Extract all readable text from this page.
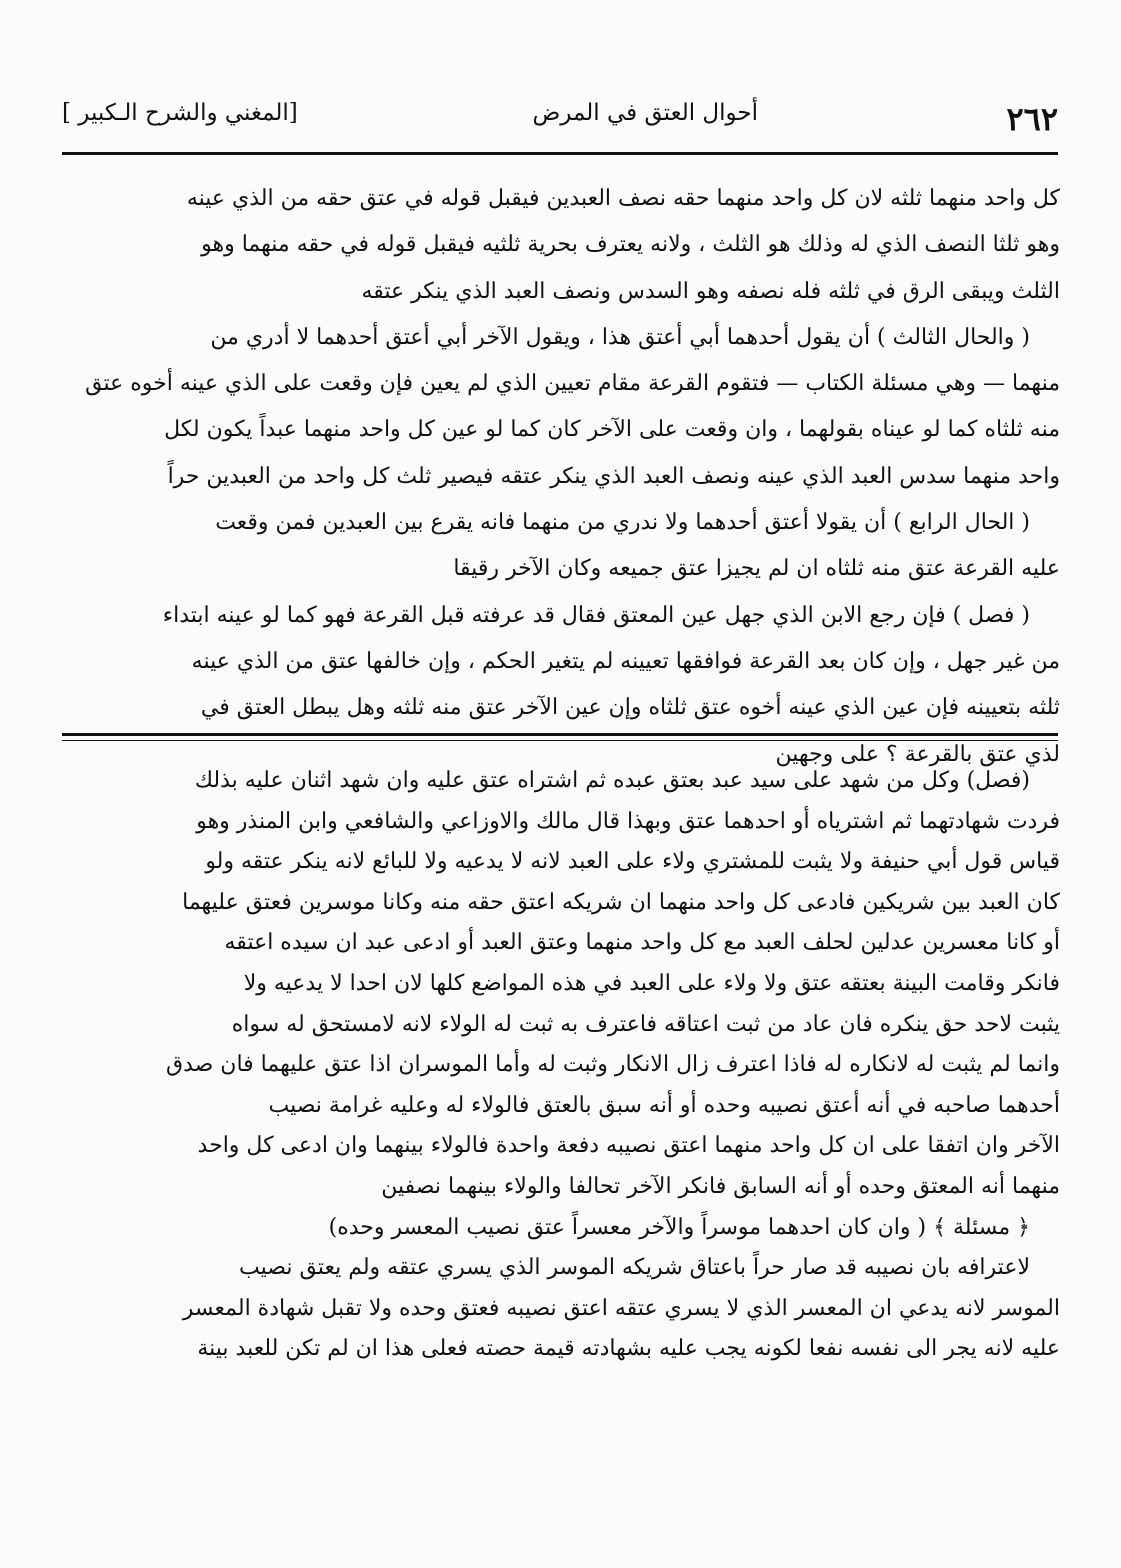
٢٦٢
أحوال العتق في المرض
[المغني والشرح الـكبير ]

كل واحد منهما ثلثه لان كل واحد منهما حقه نصف العبدين فيقبل قوله في عتق حقه من الذي عينه

وهو ثلثا النصف الذي له وذلك هو الثلث ، ولانه يعترف بحرية ثلثيه فيقبل قوله في حقه منهما وهو

الثلث ويبقى الرق في ثلثه فله نصفه وهو السدس ونصف العبد الذي ينكر عتقه

( والحال الثالث ) أن يقول أحدهما أبي أعتق هذا ، ويقول الآخر أبي أعتق أحدهما لا أدري من

منهما — وهي مسئلة الكتاب — فتقوم القرعة مقام تعيين الذي لم يعين فإن وقعت على الذي عينه أخوه عتق

منه ثلثاه كما لو عيناه بقولهما ، وان وقعت على الآخر كان كما لو عين كل واحد منهما عبداً يكون لكل

واحد منهما سدس العبد الذي عينه ونصف العبد الذي ينكر عتقه فيصير ثلث كل واحد من العبدين حراً

( الحال الرابع ) أن يقولا أعتق أحدهما ولا ندري من منهما فانه يقرع بين العبدين فمن وقعت

عليه القرعة عتق منه ثلثاه ان لم يجيزا عتق جميعه وكان الآخر رقيقا

( فصل ) فإن رجع الابن الذي جهل عين المعتق فقال قد عرفته قبل القرعة فهو كما لو عينه ابتداء

من غير جهل ، وإن كان بعد القرعة فوافقها تعيينه لم يتغير الحكم ، وإن خالفها عتق من الذي عينه

ثلثه بتعيينه فإن عين الذي عينه أخوه عتق ثلثاه وإن عين الآخر عتق منه ثلثه وهل يبطل العتق في

لذي عتق بالقرعة ؟ على وجهين

(فصل) وكل من شهد على سيد عبد بعتق عبده ثم اشتراه عتق عليه وان شهد اثنان عليه بذلك

فردت شهادتهما ثم اشترياه أو احدهما عتق وبهذا قال مالك والاوزاعي والشافعي وابن المنذر وهو

قياس قول أبي حنيفة ولا يثبت للمشتري ولاء على العبد لانه لا يدعيه ولا للبائع لانه ينكر عتقه ولو

كان العبد بين شريكين فادعى كل واحد منهما ان شريكه اعتق حقه منه وكانا موسرين فعتق عليهما

أو كانا معسرين عدلين لحلف العبد مع كل واحد منهما وعتق العبد أو ادعى عبد ان سيده اعتقه

فانكر وقامت البينة بعتقه عتق ولا ولاء على العبد في هذه المواضع كلها لان احدا لا يدعيه ولا

يثبت لاحد حق ينكره فان عاد من ثبت اعتاقه فاعترف به ثبت له الولاء لانه لامستحق له سواه

وانما لم يثبت له لانكاره له فاذا اعترف زال الانكار وثبت له وأما الموسران اذا عتق عليهما فان صدق

أحدهما صاحبه في أنه أعتق نصيبه وحده أو أنه سبق بالعتق فالولاء له وعليه غرامة نصيب

الآخر وان اتفقا على ان كل واحد منهما اعتق نصيبه دفعة واحدة فالولاء بينهما وان ادعى كل واحد

منهما أنه المعتق وحده أو أنه السابق فانكر الآخر تحالفا والولاء بينهما نصفين

﴿ مسئلة ﴾ ( وان كان احدهما موسراً والآخر معسراً عتق نصيب المعسر وحده)

لاعترافه بان نصيبه قد صار حراً باعتاق شريكه الموسر الذي يسري عتقه ولم يعتق نصيب

الموسر لانه يدعي ان المعسر الذي لا يسري عتقه اعتق نصيبه فعتق وحده ولا تقبل شهادة المعسر

عليه لانه يجر الى نفسه نفعا لكونه يجب عليه بشهادته قيمة حصته فعلى هذا ان لم تكن للعبد بينة
